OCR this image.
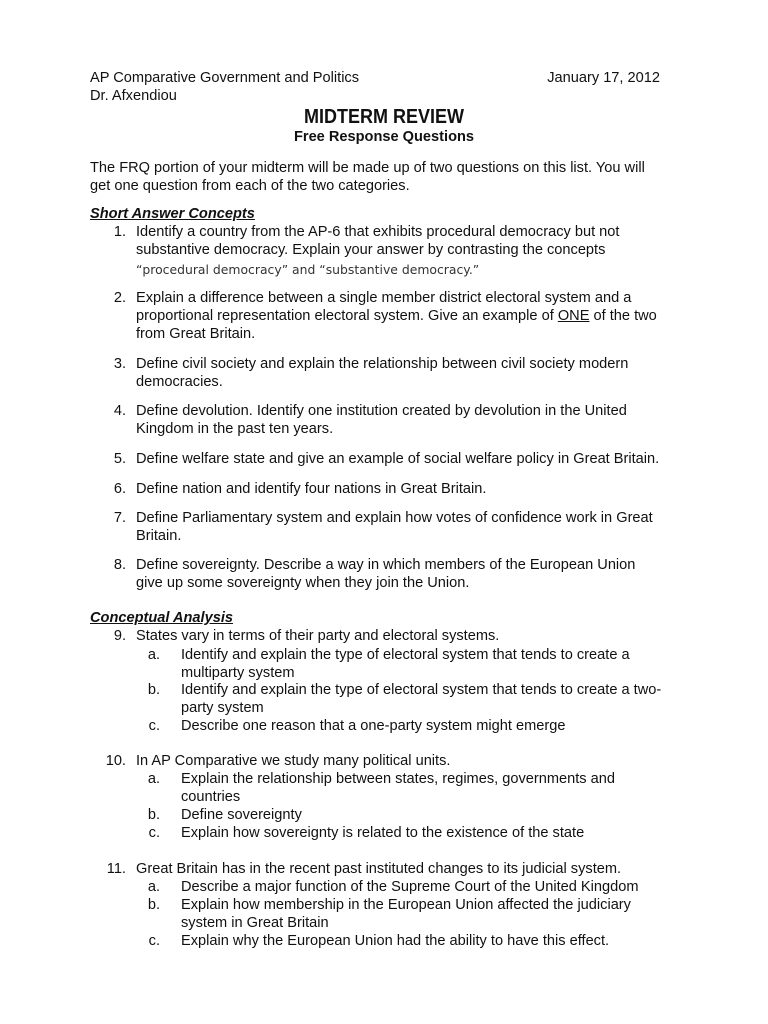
AP Comparative Government and Politics	January 17, 2012
Dr. Afxendiou
MIDTERM REVIEW
Free Response Questions
The FRQ portion of your midterm will be made up of two questions on this list. You will
get one question from each of the two categories.
Short Answer Concepts
1. Identify a country from the AP-6 that exhibits procedural democracy but not
substantive democracy. Explain your answer by contrasting the concepts
“procedural democracy” and “substantive democracy.”
2. Explain a difference between a single member district electoral system and a
proportional representation electoral system. Give an example of ONE of the two
from Great Britain.
3. Define civil society and explain the relationship between civil society modern
democracies.
4. Define devolution. Identify one institution created by devolution in the United
Kingdom in the past ten years.
5. Define welfare state and give an example of social welfare policy in Great Britain.
6. Define nation and identify four nations in Great Britain.
7. Define Parliamentary system and explain how votes of confidence work in Great
Britain.
8. Define sovereignty. Describe a way in which members of the European Union
give up some sovereignty when they join the Union.
Conceptual Analysis
9. States vary in terms of their party and electoral systems.
a. Identify and explain the type of electoral system that tends to create a
multiparty system
b. Identify and explain the type of electoral system that tends to create a two-
party system
c. Describe one reason that a one-party system might emerge
10. In AP Comparative we study many political units.
a. Explain the relationship between states, regimes, governments and
countries
b. Define sovereignty
c. Explain how sovereignty is related to the existence of the state
11. Great Britain has in the recent past instituted changes to its judicial system.
a. Describe a major function of the Supreme Court of the United Kingdom
b. Explain how membership in the European Union affected the judiciary
system in Great Britain
c. Explain why the European Union had the ability to have this effect.
